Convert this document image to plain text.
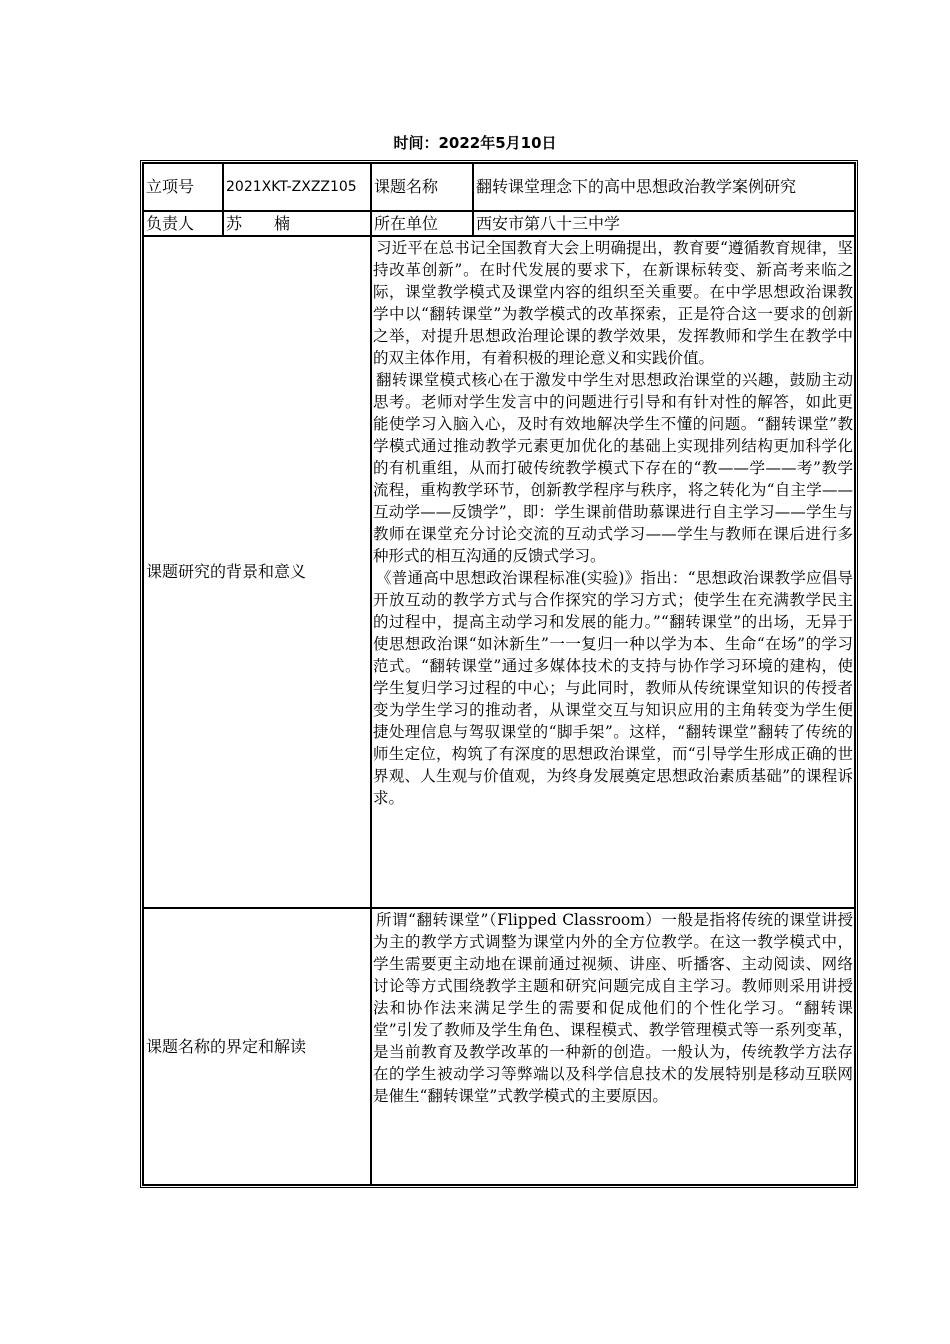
时间：2022年5月10日
立项号	2021XKT-ZXZZ105	课题名称	翻转课堂理念下的高中思想政治教学案例研究
负责人	苏　　楠	所在单位	西安市第八十三中学
课题研究的背景和意义		习近平在总书记全国教育大会上明确提出，教育要“遵循教育规律，坚持改革创新”。在时代发展的要求下，在新课标转变、新高考来临之际，课堂教学模式及课堂内容的组织至关重要。在中学思想政治课教学中以“翻转课堂”为教学模式的改革探索，正是符合这一要求的创新之举，对提升思想政治理论课的教学效果，发挥教师和学生在教学中的双主体作用，有着积极的理论意义和实践价值。

翻转课堂模式核心在于激发中学生对思想政治课堂的兴趣，鼓励主动思考。老师对学生发言中的问题进行引导和有针对性的解答，如此更能使学习入脑入心，及时有效地解决学生不懂的问题。“翻转课堂”教学模式通过推动教学元素更加优化的基础上实现排列结构更加科学化的有机重组，从而打破传统教学模式下存在的“教——学——考”教学流程，重构教学环节，创新教学程序与秩序，将之转化为“自主学——互动学——反馈学”，即：学生课前借助慕课进行自主学习——学生与教师在课堂充分讨论交流的互动式学习——学生与教师在课后进行多种形式的相互沟通的反馈式学习。

《普通高中思想政治课程标准(实验)》指出：“思想政治课教学应倡导开放互动的教学方式与合作探究的学习方式；使学生在充满教学民主的过程中，提高主动学习和发展的能力。”“翻转课堂”的出场，无异于使思想政治课“如沐新生”一一复归一种以学为本、生命“在场”的学习范式。“翻转课堂”通过多媒体技术的支持与协作学习环境的建构，使学生复归学习过程的中心；与此同时，教师从传统课堂知识的传授者变为学生学习的推动者，从课堂交互与知识应用的主角转变为学生便捷处理信息与驾驭课堂的“脚手架”。这样，“翻转课堂”翻转了传统的师生定位，构筑了有深度的思想政治课堂，而“引导学生形成正确的世界观、人生观与价值观，为终身发展奠定思想政治素质基础”的课程诉求。	

课题名称的界定和解读		所谓“翻转课堂”（Flipped Classroom）一般是指将传统的课堂讲授为主的教学方式调整为课堂内外的全方位教学。在这一教学模式中，学生需要更主动地在课前通过视频、讲座、听播客、主动阅读、网络讨论等方式围绕教学主题和研究问题完成自主学习。教师则采用讲授法和协作法来满足学生的需要和促成他们的个性化学习。“翻转课堂”引发了教师及学生角色、课程模式、教学管理模式等一系列变革，是当前教育及教学改革的一种新的创造。一般认为，传统教学方法存在的学生被动学习等弊端以及科学信息技术的发展特别是移动互联网是催生“翻转课堂”式教学模式的主要原因。	
